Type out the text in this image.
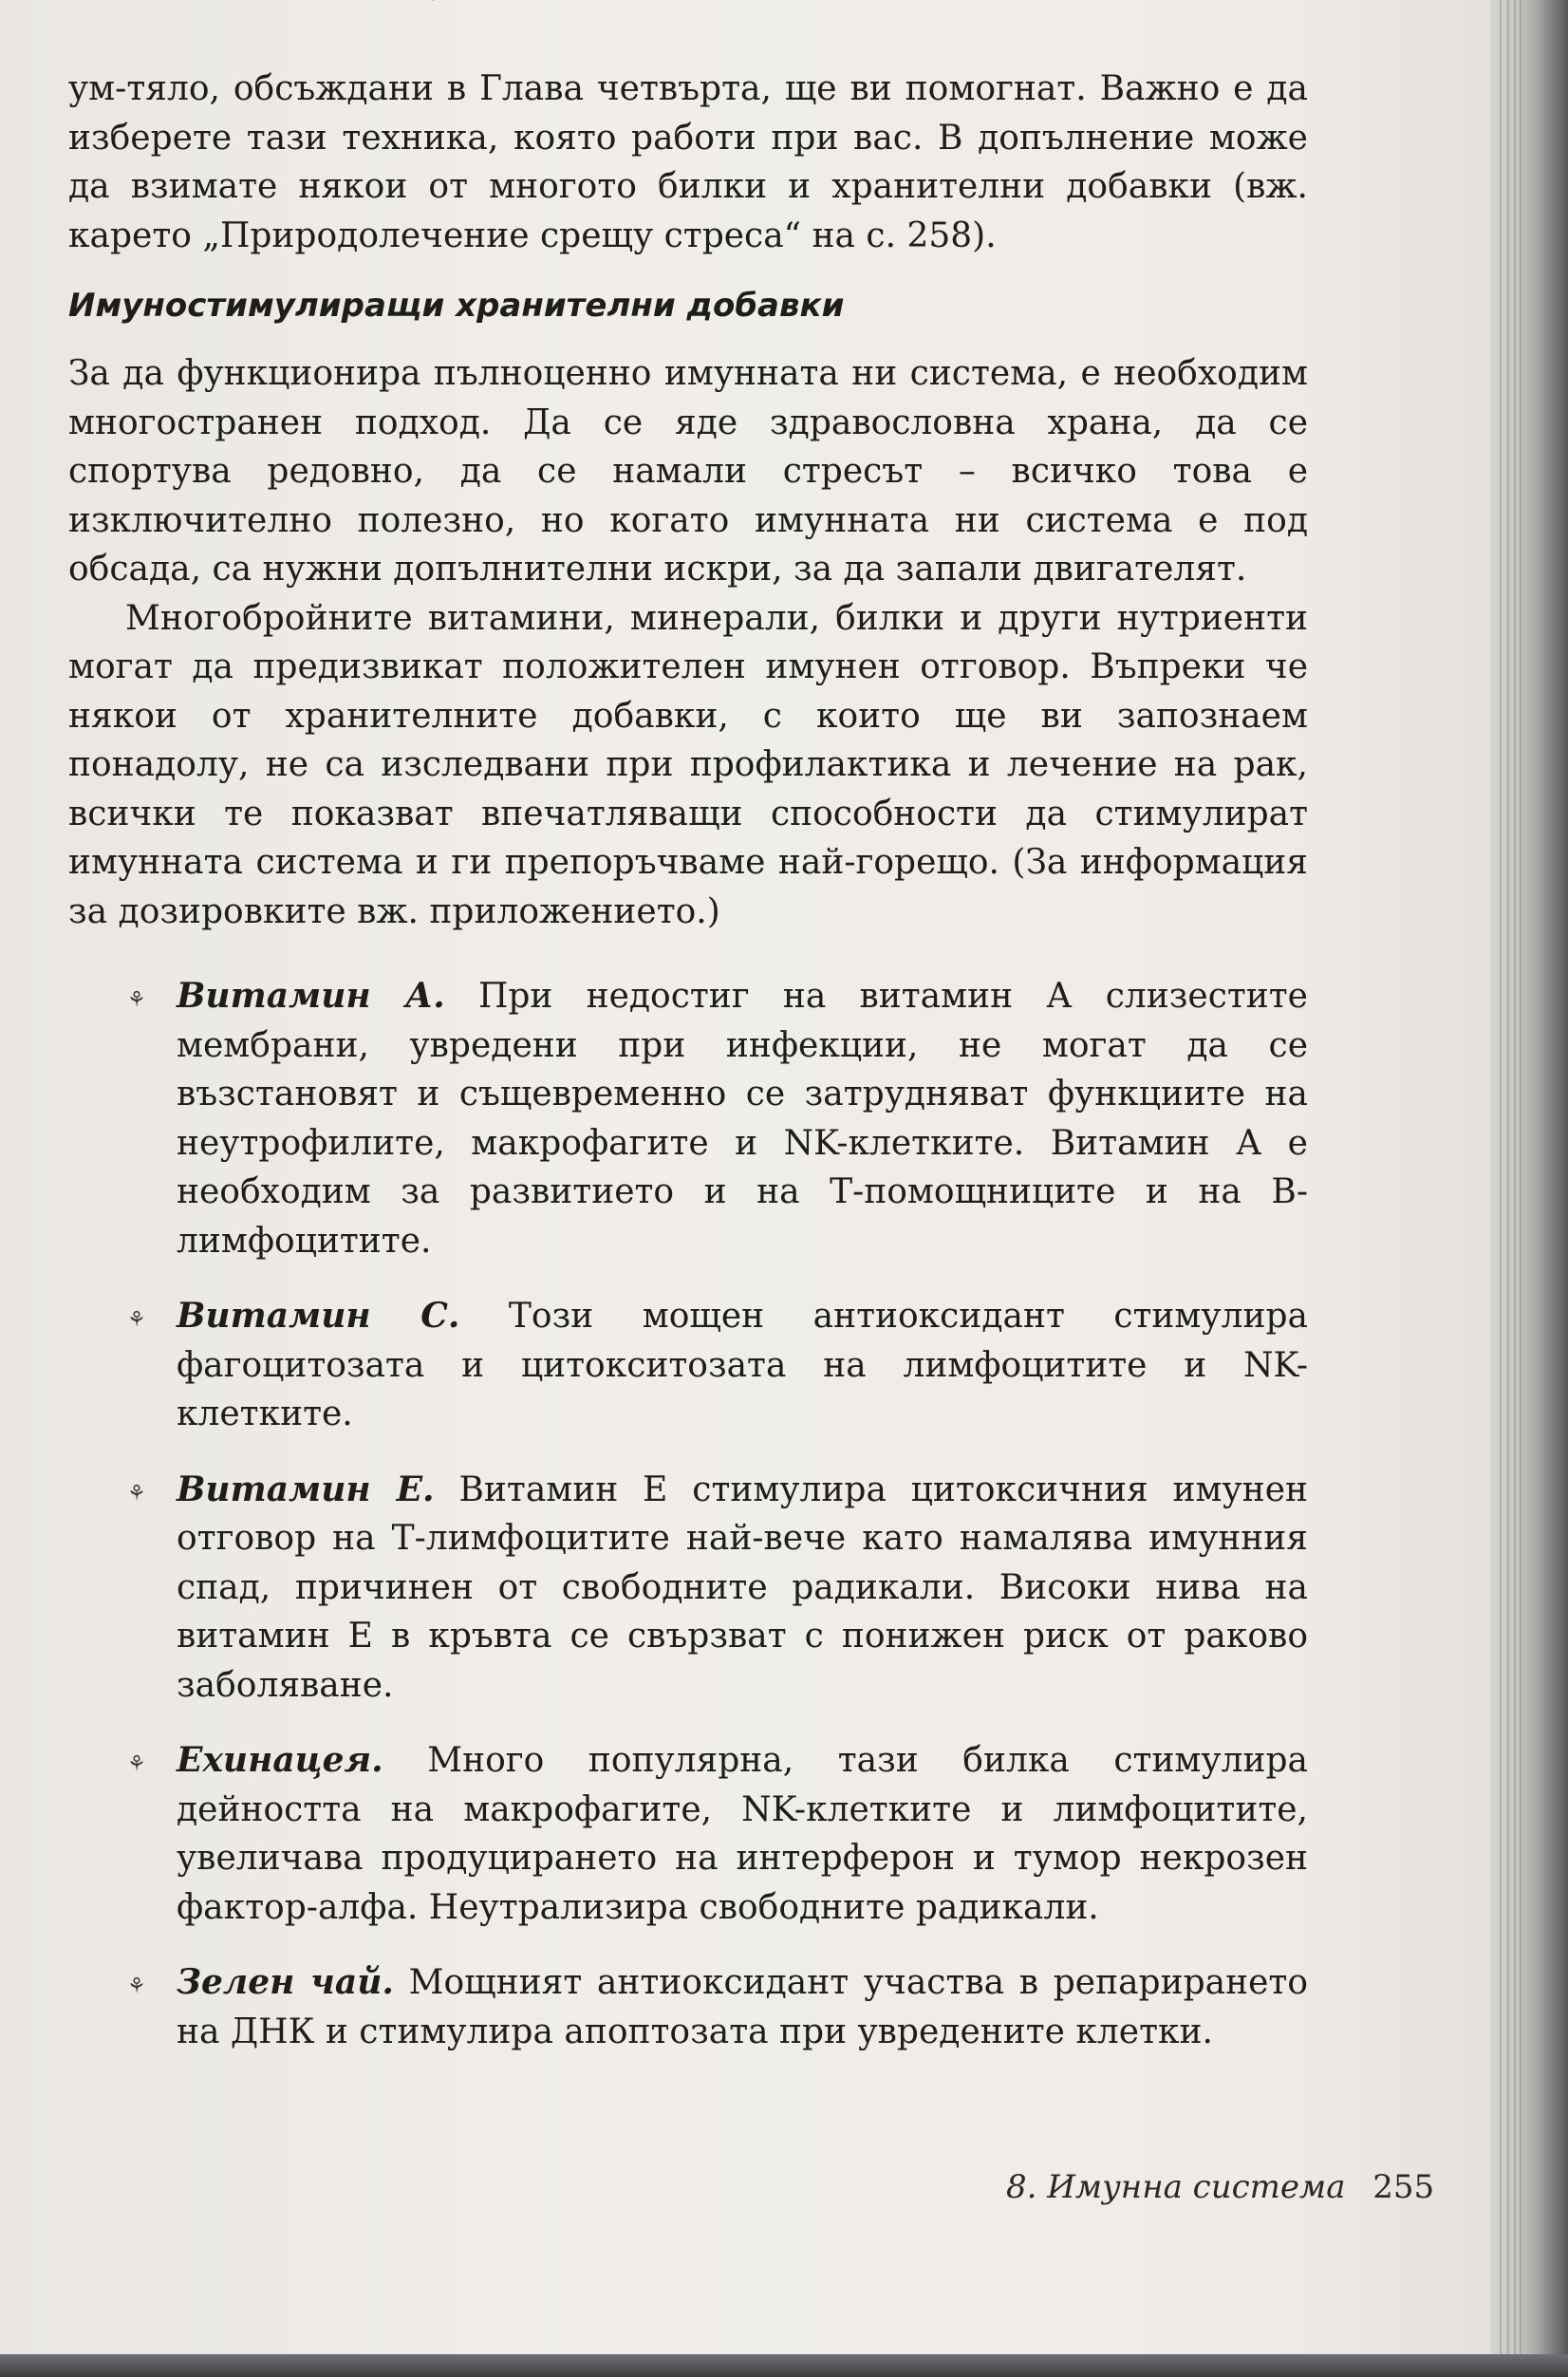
ум-тяло, обсъждани в Глава четвърта, ще ви помогнат. Важно е да изберете тази техника, която работи при вас. В допълнение може да взимате някои от многото билки и хранителни добавки (вж. карето „Природолечение срещу стреса“ на с. 258).

Имуностимулиращи хранителни добавки

За да функционира пълноценно имунната ни система, е необходим многостранен подход. Да се яде здравословна храна, да се спортува редовно, да се намали стресът – всичко това е изключително полезно, но когато имунната ни система е под обсада, са нужни допълнителни искри, за да запали двигателят.

Многобройните витамини, минерали, билки и други нутриенти могат да предизвикат положителен имунен отговор. Въпреки че някои от хранителните добавки, с които ще ви запознаем понадолу, не са изследвани при профилактика и лечение на рак, всички те показват впечатляващи способности да стимулират имунната система и ги препоръчваме най-горещо. (За информация за дозировките вж. приложението.)

⚘ Витамин А. При недостиг на витамин А слизестите мембрани, увредени при инфекции, не могат да се възстановят и същевременно се затрудняват функциите на неутрофилите, макрофагите и NK-клетките. Витамин А е необходим за развитието и на Т-помощниците и на В-лимфоцитите.
⚘ Витамин С. Този мощен антиоксидант стимулира фагоцитозата и цитокситозата на лимфоцитите и NK-клетките.
⚘ Витамин Е. Витамин Е стимулира цитоксичния имунен отговор на Т-лимфоцитите най-вече като намалява имунния спад, причинен от свободните радикали. Високи нива на витамин Е в кръвта се свързват с понижен риск от раково заболяване.
⚘ Ехинацея. Много популярна, тази билка стимулира дейността на макрофагите, NK-клетките и лимфоцитите, увеличава продуцирането на интерферон и тумор некрозен фактор-алфа. Неутрализира свободните радикали.
⚘ Зелен чай. Мощният антиоксидант участва в репарирането на ДНК и стимулира апоптозата при увредените клетки.
8. Имунна система 255
